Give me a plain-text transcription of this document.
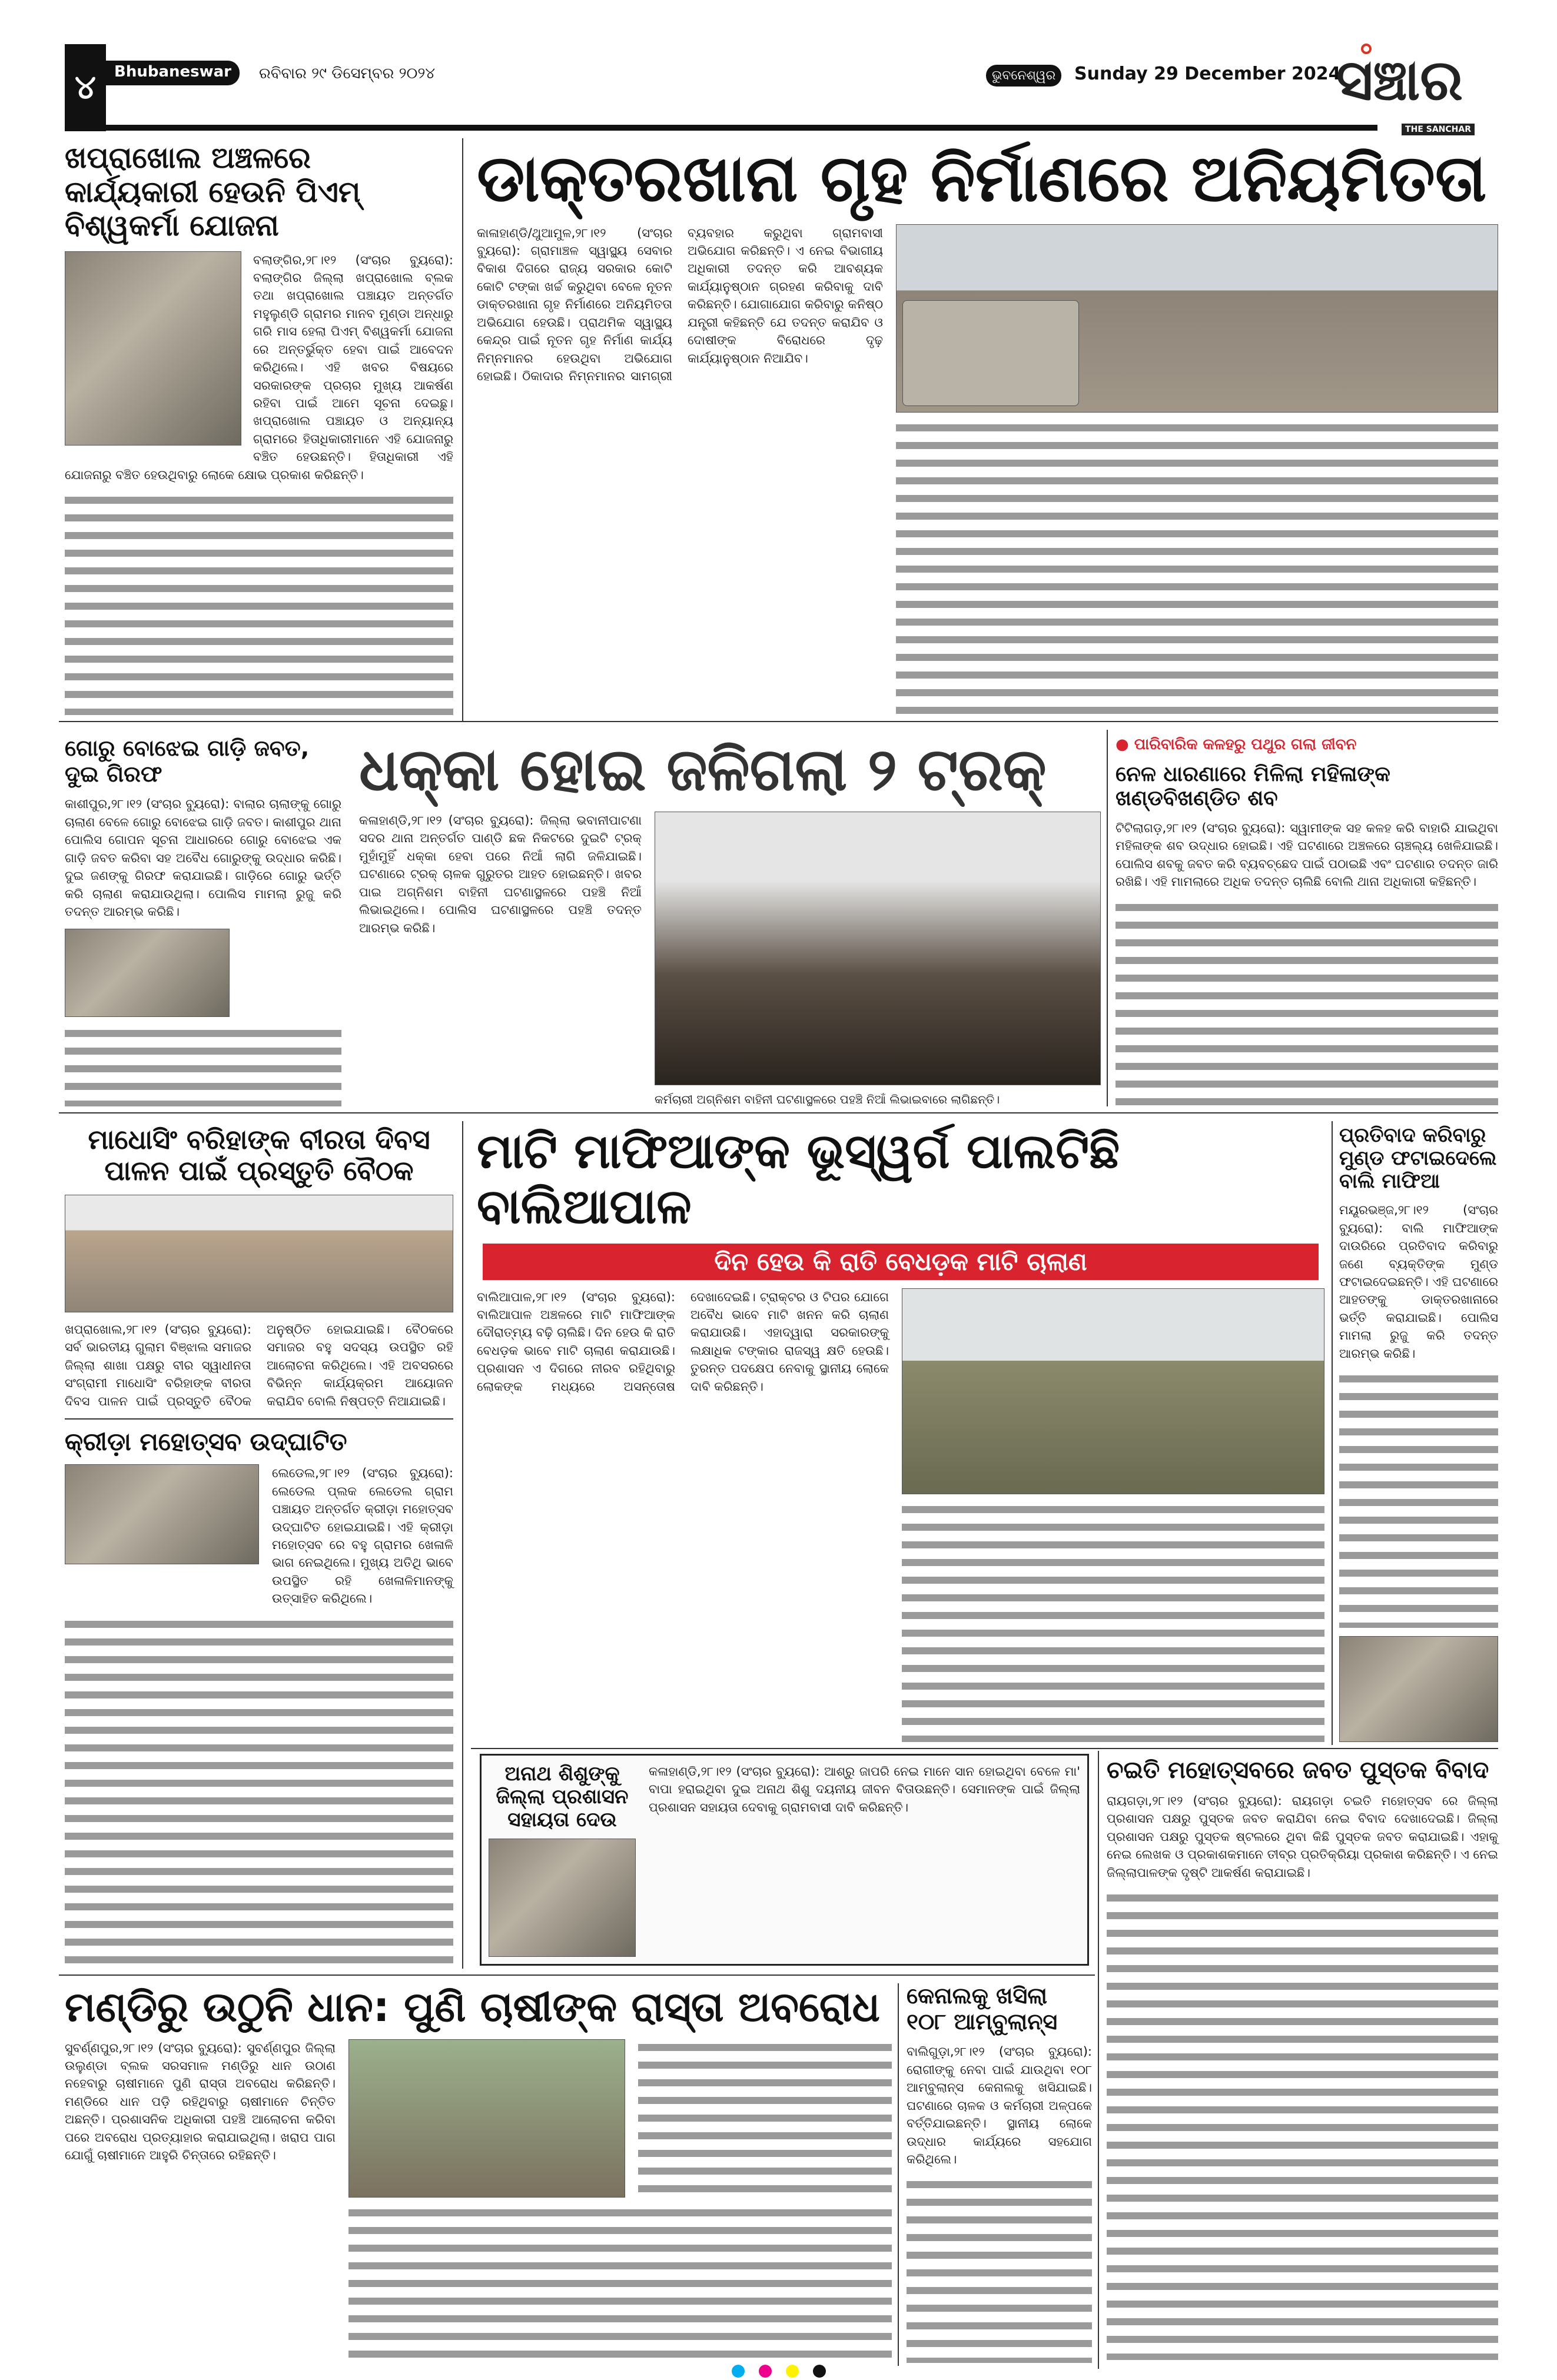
୪	Bhubaneswar	ରବିବାର ୨୯ ଡିସେମ୍ବର ୨୦୨୪	ଭୁବନେଶ୍ୱର	Sunday 29 December 2024
ସଞ୍ଚାର
THE SANCHAR
ଖପ୍ରାଖୋଲ ଅଞ୍ଚଳରେ କାର୍ଯ୍ୟକାରୀ ହେଉନି ପିଏମ୍ ବିଶ୍ୱକର୍ମା ଯୋଜନା
ବଲାଙ୍ଗିର,୨୮।୧୨ (ସଂଚାର ବ୍ୟୁରୋ): ବଲାଙ୍ଗିର ଜିଲ୍ଲା ଖପ୍ରାଖୋଲ ବ୍ଲକ ତଥା ଖପ୍ରାଖୋଲ ପଞ୍ଚାୟତ ଅନ୍ତର୍ଗତ ମହୁଲୁଣ୍ଡି ଗ୍ରାମର ମାନବ ମୁଣ୍ଡା ଅନ୍ଧାରୁ ଗରି ମାସ ହେଲା ପିଏମ୍ ବିଶ୍ୱକର୍ମା ଯୋଜନା ରେ ଅନ୍ତର୍ଭୁକ୍ତ ହେବା ପାଇଁ ଆବେଦନ କରିଥିଲେ। ଏହି ଖବର ବିଷୟରେ ସରକାରଙ୍କ ପ୍ରଚାର ମୁଖ୍ୟ ଆକର୍ଷଣ ରହିବା ପାଇଁ ଆମେ ସୂଚନା ଦେଇଛୁ। ଖପ୍ରାଖୋଲ ପଞ୍ଚାୟତ ଓ ଅନ୍ୟାନ୍ୟ ଗ୍ରାମରେ ହିତାଧିକାରୀମାନେ ଏହି ଯୋଜନାରୁ ବଞ୍ଚିତ ହେଉଛନ୍ତି। ହିତାଧିକାରୀ ଏହି ଯୋଜନାରୁ ବଞ୍ଚିତ ହେଉଥିବାରୁ ଲୋକେ କ୍ଷୋଭ ପ୍ରକାଶ କରିଛନ୍ତି।
ଡାକ୍ତରଖାନା ଗୃହ ନିର୍ମାଣରେ ଅନିୟମିତତା
କାଳାହାଣ୍ଡି/ଥୁଆମୁଳ,୨୮।୧୨ (ସଂଚାର ବ୍ୟୁରୋ): ଗ୍ରାମାଞ୍ଚଳ ସ୍ୱାସ୍ଥ୍ୟ ସେବାର ବିକାଶ ଦିଗରେ ରାଜ୍ୟ ସରକାର କୋଟି କୋଟି ଟଙ୍କା ଖର୍ଚ୍ଚ କରୁଥିବା ବେଳେ ନୂତନ ଡାକ୍ତରଖାନା ଗୃହ ନିର୍ମାଣରେ ଅନିୟମିତତା ଅଭିଯୋଗ ହେଉଛି। ପ୍ରାଥମିକ ସ୍ୱାସ୍ଥ୍ୟ କେନ୍ଦ୍ର ପାଇଁ ନୂତନ ଗୃହ ନିର୍ମାଣ କାର୍ଯ୍ୟ ନିମ୍ନମାନର ହେଉଥିବା ଅଭିଯୋଗ ହୋଇଛି। ଠିକାଦାର ନିମ୍ନମାନର ସାମଗ୍ରୀ ବ୍ୟବହାର କରୁଥିବା ଗ୍ରାମବାସୀ ଅଭିଯୋଗ କରିଛନ୍ତି। ଏ ନେଇ ବିଭାଗୀୟ ଅଧିକାରୀ ତଦନ୍ତ କରି ଆବଶ୍ୟକ କାର୍ଯ୍ୟାନୁଷ୍ଠାନ ଗ୍ରହଣ କରିବାକୁ ଦାବି କରିଛନ୍ତି। ଯୋଗାଯୋଗ କରିବାରୁ କନିଷ୍ଠ ଯନ୍ତ୍ରୀ କହିଛନ୍ତି ଯେ ତଦନ୍ତ କରାଯିବ ଓ ଦୋଷୀଙ୍କ ବିରୋଧରେ ଦୃଢ଼ କାର୍ଯ୍ୟାନୁଷ୍ଠାନ ନିଆଯିବ।
ଗୋରୁ ବୋଝେଇ ଗାଡ଼ି ଜବତ, ଦୁଇ ଗିରଫ
କାଶୀପୁର,୨୮।୧୨ (ସଂଚାର ବ୍ୟୁରୋ): ବାଲାର ଚାଲାଙ୍କୁ ଗୋରୁ ଚାଲାଣ ବେଳେ ଗୋରୁ ବୋଝେଇ ଗାଡ଼ି ଜବତ। କାଶୀପୁର ଥାନା ପୋଲିସ ଗୋପନ ସୂଚନା ଆଧାରରେ ଗୋରୁ ବୋଝେଇ ଏକ ଗାଡ଼ି ଜବତ କରିବା ସହ ଅବୈଧ ଗୋରୁଙ୍କୁ ଉଦ୍ଧାର କରିଛି। ଦୁଇ ଜଣଙ୍କୁ ଗିରଫ କରାଯାଇଛି। ଗାଡ଼ିରେ ଗୋରୁ ଭର୍ତ୍ତି କରି ଚାଲାଣ କରାଯାଉଥିଲା। ପୋଲିସ ମାମଲା ରୁଜୁ କରି ତଦନ୍ତ ଆରମ୍ଭ କରିଛି।
ଧକ୍କା ହୋଇ ଜଳିଗଲା ୨ ଟ୍ରକ୍
କଳାହାଣ୍ଡି,୨୮।୧୨ (ସଂଚାର ବ୍ୟୁରୋ): ଜିଲ୍ଲା ଭବାନୀପାଟଣା ସଦର ଥାନା ଅନ୍ତର୍ଗତ ପାଣ୍ଡି ଛକ ନିକଟରେ ଦୁଇଟି ଟ୍ରକ୍ ମୁହାଁମୁହିଁ ଧକ୍କା ହେବା ପରେ ନିଆଁ ଲାଗି ଜଳିଯାଇଛି। ଘଟଣାରେ ଟ୍ରକ୍ ଚାଳକ ଗୁରୁତର ଆହତ ହୋଇଛନ୍ତି। ଖବର ପାଇ ଅଗ୍ନିଶମ ବାହିନୀ ଘଟଣାସ୍ଥଳରେ ପହଞ୍ଚି ନିଆଁ ଲିଭାଇଥିଲେ। ପୋଲିସ ଘଟଣାସ୍ଥଳରେ ପହଞ୍ଚି ତଦନ୍ତ ଆରମ୍ଭ କରିଛି।
କର୍ମଚାରୀ ଅଗ୍ନିଶମ ବାହିନୀ ଘଟଣାସ୍ଥଳରେ ପହଞ୍ଚି ନିଆଁ ଲିଭାଇବାରେ ଲାଗିଛନ୍ତି।
● ପାରିବାରିକ କଳହରୁ ପଥୁର ଗଲା ଜୀବନ
ନେଳ ଧାରଣାରେ ମିଳିଲା ମହିଳାଙ୍କ ଖଣ୍ଡବିଖଣ୍ଡିତ ଶବ
ଟିଟିଲାଗଡ଼,୨୮।୧୨ (ସଂଚାର ବ୍ୟୁରୋ): ସ୍ୱାମୀଙ୍କ ସହ କଳହ କରି ବାହାରି ଯାଇଥିବା ମହିଳାଙ୍କ ଶବ ଉଦ୍ଧାର ହୋଇଛି। ଏହି ଘଟଣାରେ ଅଞ୍ଚଳରେ ଚାଞ୍ଚଲ୍ୟ ଖେଳିଯାଇଛି। ପୋଲିସ ଶବକୁ ଜବତ କରି ବ୍ୟବଚ୍ଛେଦ ପାଇଁ ପଠାଇଛି ଏବଂ ଘଟଣାର ତଦନ୍ତ ଜାରି ରଖିଛି। ଏହି ମାମଲାରେ ଅଧିକ ତଦନ୍ତ ଚାଲିଛି ବୋଲି ଥାନା ଅଧିକାରୀ କହିଛନ୍ତି।
ମାଧୋସିଂ ବରିହାଙ୍କ ବୀରତା ଦିବସ ପାଳନ ପାଇଁ ପ୍ରସ୍ତୁତି ବୈଠକ
ଖପ୍ରାଖୋଲ,୨୮।୧୨ (ସଂଚାର ବ୍ୟୁରୋ): ସର୍ବ ଭାରତୀୟ ଗୁଲାମ ବିଞ୍ଝାଲ ସମାଜର ଜିଲ୍ଲା ଶାଖା ପକ୍ଷରୁ ବୀର ସ୍ୱାଧୀନତା ସଂଗ୍ରାମୀ ମାଧୋସିଂ ବରିହାଙ୍କ ବୀରତା ଦିବସ ପାଳନ ପାଇଁ ପ୍ରସ୍ତୁତି ବୈଠକ ଅନୁଷ୍ଠିତ ହୋଇଯାଇଛି। ବୈଠକରେ ସମାଜର ବହୁ ସଦସ୍ୟ ଉପସ୍ଥିତ ରହି ଆଲୋଚନା କରିଥିଲେ। ଏହି ଅବସରରେ ବିଭିନ୍ନ କାର୍ଯ୍ୟକ୍ରମ ଆୟୋଜନ କରାଯିବ ବୋଲି ନିଷ୍ପତ୍ତି ନିଆଯାଇଛି।
କ୍ରୀଡ଼ା ମହୋତ୍ସବ ଉଦ୍‌ଘାଟିତ
ଲେଡେଲ,୨୮।୧୨ (ସଂଚାର ବ୍ୟୁରୋ): ଲେଡେଲ ପ୍ଲକ ଲେଡେଲ ଗ୍ରାମ ପଞ୍ଚାୟତ ଅନ୍ତର୍ଗତ କ୍ରୀଡ଼ା ମହୋତ୍ସବ ଉଦ୍‌ଘାଟିତ ହୋଇଯାଇଛି। ଏହି କ୍ରୀଡ଼ା ମହୋତ୍ସବ ରେ ବହୁ ଗ୍ରାମର ଖେଳାଳି ଭାଗ ନେଇଥିଲେ। ମୁଖ୍ୟ ଅତିଥି ଭାବେ ଉପସ୍ଥିତ ରହି ଖେଳାଳିମାନଙ୍କୁ ଉତ୍ସାହିତ କରିଥିଲେ।
ମାଟି ମାଫିଆଙ୍କ ଭୂସ୍ୱର୍ଗ ପାଲଟିଛି ବାଲିଆପାଳ
ଦିନ ହେଉ କି ରାତି ବେଧଡ଼କ ମାଟି ଚାଲାଣ
ବାଲିଆପାଳ,୨୮।୧୨ (ସଂଚାର ବ୍ୟୁରୋ): ବାଲିଆପାଳ ଅଞ୍ଚଳରେ ମାଟି ମାଫିଆଙ୍କ ଦୌରାତ୍ମ୍ୟ ବଢ଼ି ଚାଲିଛି। ଦିନ ହେଉ କି ରାତି ବେଧଡ଼କ ଭାବେ ମାଟି ଚାଲାଣ କରାଯାଉଛି। ପ୍ରଶାସନ ଏ ଦିଗରେ ନୀରବ ରହିଥିବାରୁ ଲୋକଙ୍କ ମଧ୍ୟରେ ଅସନ୍ତୋଷ ଦେଖାଦେଇଛି। ଟ୍ରାକ୍ଟର ଓ ଟିପର ଯୋଗେ ଅବୈଧ ଭାବେ ମାଟି ଖନନ କରି ଚାଲାଣ କରାଯାଉଛି। ଏହାଦ୍ୱାରା ସରକାରଙ୍କୁ ଲକ୍ଷାଧିକ ଟଙ୍କାର ରାଜସ୍ୱ କ୍ଷତି ହେଉଛି। ତୁରନ୍ତ ପଦକ୍ଷେପ ନେବାକୁ ସ୍ଥାନୀୟ ଲୋକେ ଦାବି କରିଛନ୍ତି।
ପ୍ରତିବାଦ କରିବାରୁ ମୁଣ୍ଡ ଫଟାଇଦେଲେ ବାଲି ମାଫିଆ
ମୟୂରଭଞ୍ଜ,୨୮।୧୨ (ସଂଚାର ବ୍ୟୁରୋ): ବାଲି ମାଫିଆଙ୍କ ଦାଉରିରେ ପ୍ରତିବାଦ କରିବାରୁ ଜଣେ ବ୍ୟକ୍ତିଙ୍କ ମୁଣ୍ଡ ଫଟାଇଦେଇଛନ୍ତି। ଏହି ଘଟଣାରେ ଆହତଙ୍କୁ ଡାକ୍ତରଖାନାରେ ଭର୍ତ୍ତି କରାଯାଇଛି। ପୋଲିସ ମାମଲା ରୁଜୁ କରି ତଦନ୍ତ ଆରମ୍ଭ କରିଛି।
ଅନାଥ ଶିଶୁଙ୍କୁ ଜିଲ୍ଲା ପ୍ରଶାସନ ସହାୟତା ଦେଉ
କଳାହାଣ୍ଡି,୨୮।୧୨ (ସଂଚାର ବ୍ୟୁରୋ): ଆଶ୍ରୁ ଜାପରି ନେଇ ମାନେ ସାନ ହୋଇଥିବା ବେଳେ ମା' ବାପା ହରାଇଥିବା ଦୁଇ ଅନାଥ ଶିଶୁ ଦୟନୀୟ ଜୀବନ ବିତାଉଛନ୍ତି। ସେମାନଙ୍କ ପାଇଁ ଜିଲ୍ଲା ପ୍ରଶାସନ ସହାୟତା ଦେବାକୁ ଗ୍ରାମବାସୀ ଦାବି କରିଛନ୍ତି।
ଚଇତି ମହୋତ୍ସବରେ ଜବତ ପୁସ୍ତକ ବିବାଦ
ରାୟଗଡ଼ା,୨୮।୧୨ (ସଂଚାର ବ୍ୟୁରୋ): ରାୟଗଡ଼ା ଚଇତି ମହୋତ୍ସବ ରେ ଜିଲ୍ଲା ପ୍ରଶାସନ ପକ୍ଷରୁ ପୁସ୍ତକ ଜବତ କରାଯିବା ନେଇ ବିବାଦ ଦେଖାଦେଇଛି। ଜିଲ୍ଲା ପ୍ରଶାସନ ପକ୍ଷରୁ ପୁସ୍ତକ ଷ୍ଟଲରେ ଥିବା କିଛି ପୁସ୍ତକ ଜବତ କରାଯାଇଛି। ଏହାକୁ ନେଇ ଲେଖକ ଓ ପ୍ରକାଶକମାନେ ତୀବ୍ର ପ୍ରତିକ୍ରିୟା ପ୍ରକାଶ କରିଛନ୍ତି। ଏ ନେଇ ଜିଲ୍ଲାପାଳଙ୍କ ଦୃଷ୍ଟି ଆକର୍ଷଣ କରାଯାଇଛି।
ମଣ୍ଡିରୁ ଉଠୁନି ଧାନ: ପୁଣି ଚାଷୀଙ୍କ ରାସ୍ତା ଅବରୋଧ
ସୁବର୍ଣ୍ଣପୁର,୨୮।୧୨ (ସଂଚାର ବ୍ୟୁରୋ): ସୁବର୍ଣ୍ଣପୁର ଜିଲ୍ଲା ଉଲୁଣ୍ଡା ବ୍ଲକ ସରସମାଳ ମଣ୍ଡିରୁ ଧାନ ଉଠାଣ ନହେବାରୁ ଚାଷୀମାନେ ପୁଣି ରାସ୍ତା ଅବରୋଧ କରିଛନ୍ତି। ମଣ୍ଡିରେ ଧାନ ପଡ଼ି ରହିଥିବାରୁ ଚାଷୀମାନେ ଚିନ୍ତିତ ଅଛନ୍ତି। ପ୍ରଶାସନିକ ଅଧିକାରୀ ପହଞ୍ଚି ଆଲୋଚନା କରିବା ପରେ ଅବରୋଧ ପ୍ରତ୍ୟାହାର କରାଯାଇଥିଲା। ଖରାପ ପାଗ ଯୋଗୁଁ ଚାଷୀମାନେ ଆହୁରି ଚିନ୍ତାରେ ରହିଛନ୍ତି।
କେନାଲକୁ ଖସିଲା ୧୦୮ ଆମ୍ବୁଲାନ୍ସ
ବାଲିଗୁଡ଼ା,୨୮।୧୨ (ସଂଚାର ବ୍ୟୁରୋ): ରୋଗୀଙ୍କୁ ନେବା ପାଇଁ ଯାଉଥିବା ୧୦୮ ଆମ୍ବୁଲାନ୍ସ କେନାଲକୁ ଖସିଯାଇଛି। ଘଟଣାରେ ଚାଳକ ଓ କର୍ମଚାରୀ ଅଳ୍ପକେ ବର୍ତ୍ତିଯାଇଛନ୍ତି। ସ୍ଥାନୀୟ ଲୋକେ ଉଦ୍ଧାର କାର୍ଯ୍ୟରେ ସହଯୋଗ କରିଥିଲେ।
